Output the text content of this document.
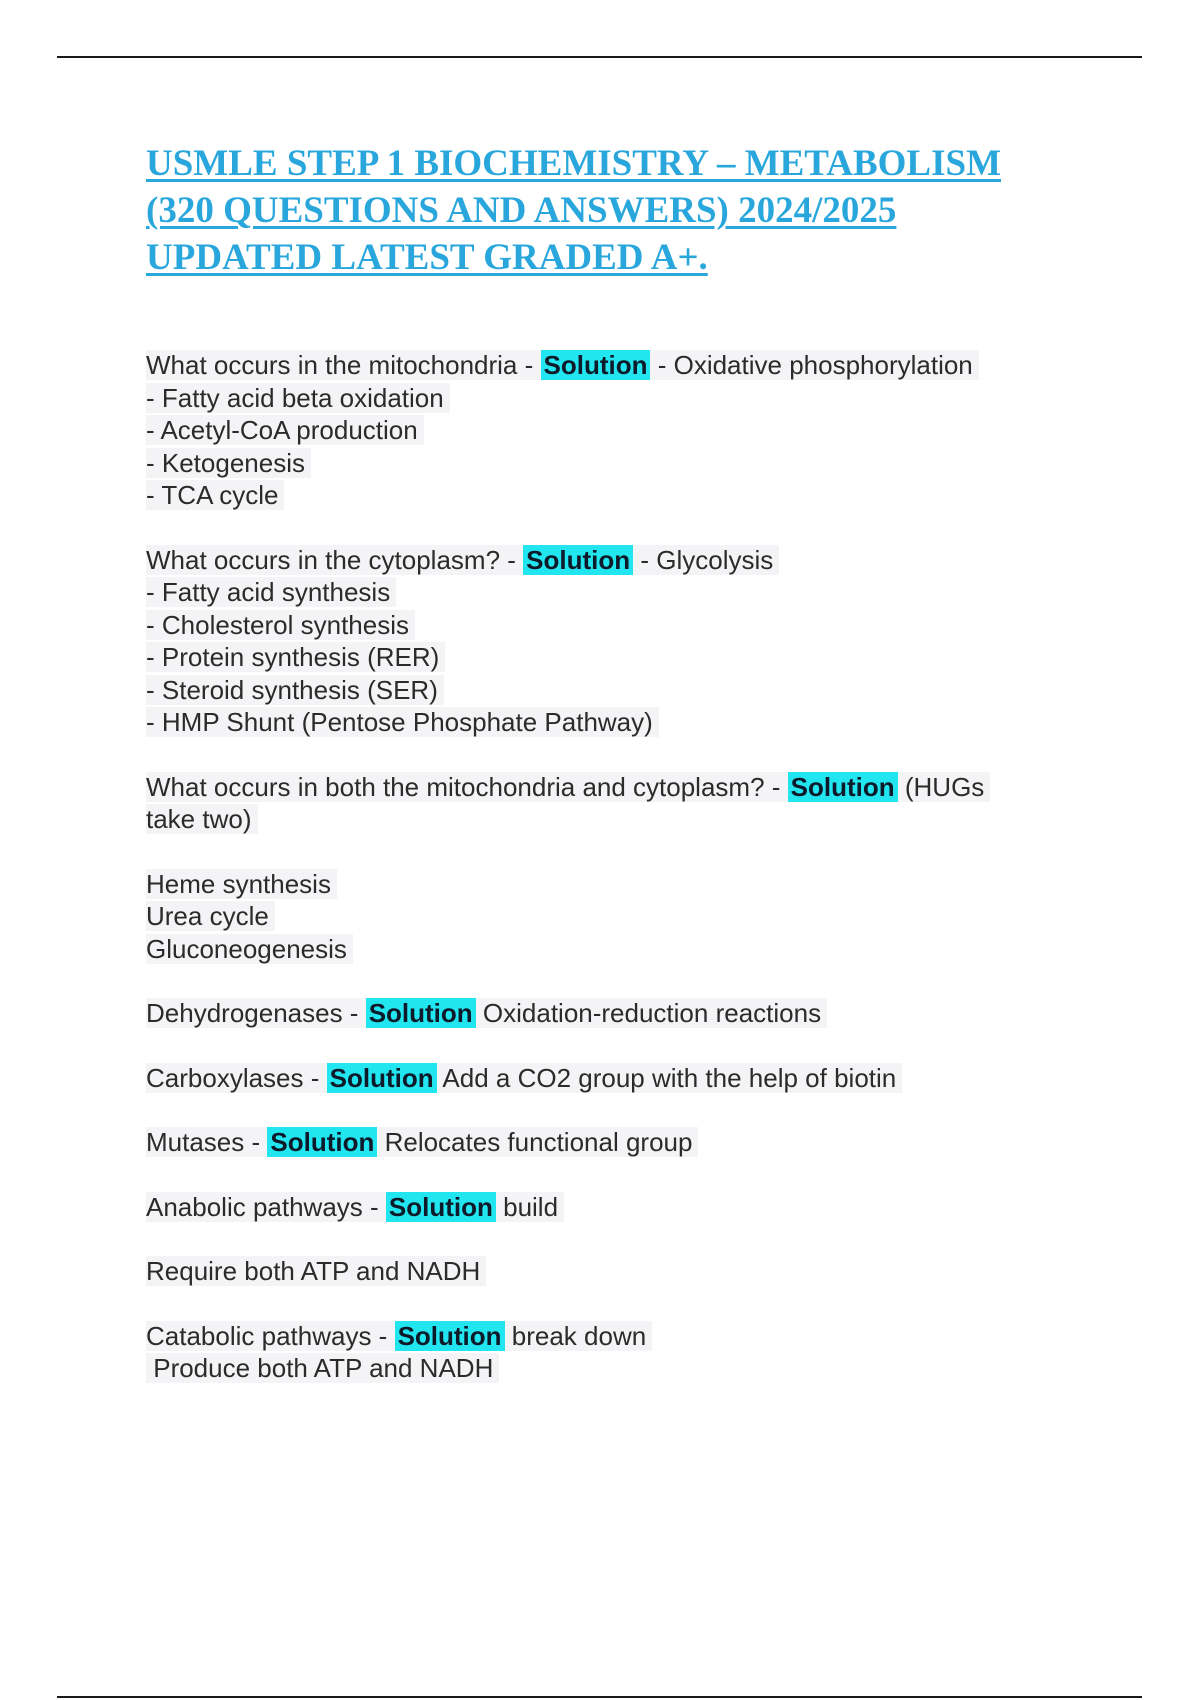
USMLE STEP 1 BIOCHEMISTRY – METABOLISM
(320 QUESTIONS AND ANSWERS) 2024/2025
UPDATED LATEST GRADED A+.
What occurs in the mitochondria - Solution - Oxidative phosphorylation
- Fatty acid beta oxidation
- Acetyl-CoA production
- Ketogenesis
- TCA cycle
What occurs in the cytoplasm? - Solution - Glycolysis
- Fatty acid synthesis
- Cholesterol synthesis
- Protein synthesis (RER)
- Steroid synthesis (SER)
- HMP Shunt (Pentose Phosphate Pathway)
What occurs in both the mitochondria and cytoplasm? - Solution (HUGs
take two)
Heme synthesis
Urea cycle
Gluconeogenesis
Dehydrogenases - Solution Oxidation-reduction reactions
Carboxylases - Solution Add a CO2 group with the help of biotin
Mutases - Solution Relocates functional group
Anabolic pathways - Solution build
Require both ATP and NADH
Catabolic pathways - Solution break down
Produce both ATP and NADH
